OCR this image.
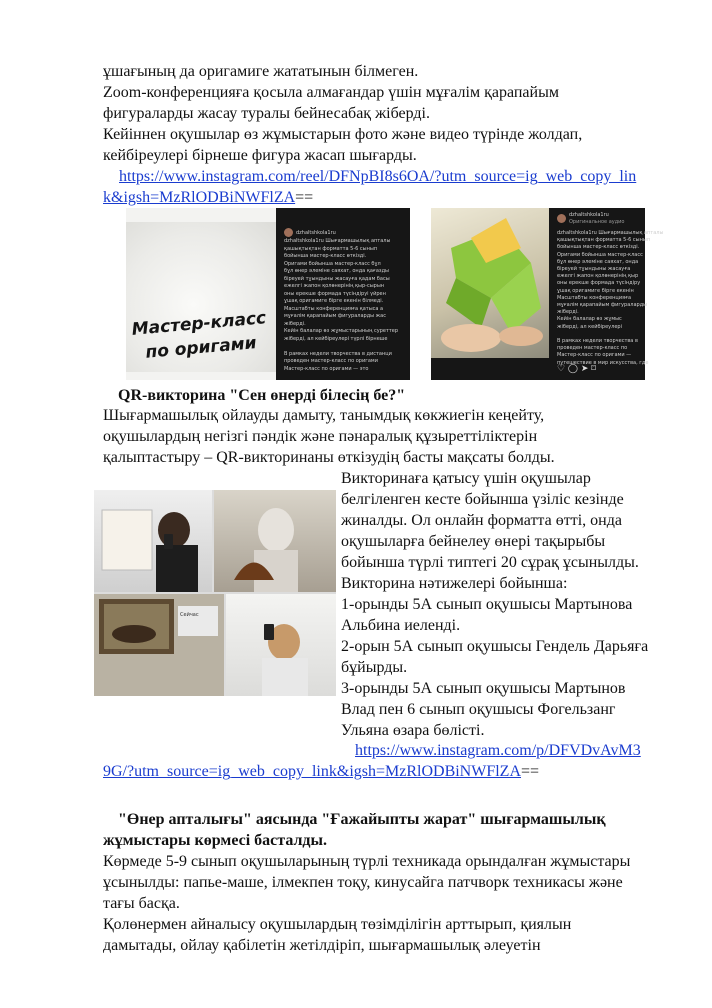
ұшағының да оригамиге жататынын білмеген.
Zoom-конференцияға қосыла алмағандар үшін мұғалім қарапайым
фигураларды жасау туралы бейнесабақ жіберді.
Кейіннен оқушылар өз жұмыстарын фото және видео түрінде жолдап,
кейбіреулері бірнеше фигура жасап шығарды.
https://www.instagram.com/reel/DFNpBI8s6OA/?utm_source=ig_web_copy_lin
k&igsh=MzRlODBiNWFlZA==
Мастер-класс по оригами
dzhaltshkola1ru
dzhaltshkola1ru Шығармашылық апталы
қашықтықтан форматта 5-6 сынып
бойынша мастер-класс өткізді.
Оригами бойынша мастер-класс бұл
бұл өнер әлеміне саяхат, онда қағазды
біреуей тұындыны жасауға қадам басы
ежелгі жапон қолөнерінің қыр-сырын
оны ерекше формада түсіндіруі үйрен
ұшақ оригамиге бірге екенін білмеді.
Масштабты конференцияға қатыса а
мұғалім қарапайым фигураларды жас
жіберді.
Кейін балалар өз жұмыстарының суреттер
жіберді, ал кейбіреулері түрлі бірнеше
В рамках недели творчества в дистанци
проведен мастер-класс по оригами
Мастер-класс по оригами — это
dzhaltshkola1ru
Оригинальное аудио
dzhaltshkola1ru Шығармашылық апталы
қашықтықтан форматта 5-6 сынып
бойынша мастер-класс өткізді.
Оригами бойынша мастер-класс
бұл өнер әлеміне саяхат, онда
біреуей тұындыны жасауға
ежелгі жапон қолөнерінің қыр
оны ерекше формада түсіндіру
ұшақ оригамиге бірге екенін
Масштабты конференцияға
мұғалім қарапайым фигураларды
жіберді.
Кейін балалар өз жұмыс
жіберді, ал кейбіреулері
В рамках недели творчества в
проведен мастер-класс по
Мастер-класс по оригами —
путешествие в мир искусства, где
♡ ◯ ➤ ⌑
QR-викторина "Сен өнерді білесің бе?"
Шығармашылық ойлауды дамыту, танымдық көкжиегін кеңейту,
оқушылардың негізгі пәндік және пәнаралық құзыреттіліктерін
қалыптастыру – QR-викторинаны өткізудің басты мақсаты болды.
Сейчас
Викторинаға қатысу үшін оқушылар
белгіленген кесте бойынша үзіліс кезінде
жиналды. Ол онлайн форматта өтті, онда
оқушыларға бейнелеу өнері тақырыбы
бойынша түрлі типтегі 20 сұрақ ұсынылды.
Викторина нәтижелері бойынша:
1-орынды 5А сынып оқушысы Мартынова
Альбина иеленді.
2-орын 5А сынып оқушысы Гендель Дарьяға
бұйырды.
3-орынды 5А сынып оқушысы Мартынов
Влад пен 6 сынып оқушысы Фогельзанг
Ульяна өзара бөлісті.
https://www.instagram.com/p/DFVDvAvM3
9G/?utm_source=ig_web_copy_link&igsh=MzRlODBiNWFlZA==
"Өнер апталығы" аясында "Ғажайыпты жарат" шығармашылық
жұмыстары көрмесі басталды.
Көрмеде 5-9 сынып оқушыларының түрлі техникада орындалған жұмыстары
ұсынылды: папье-маше, ілмекпен тоқу, кинусайга патчворк техникасы және
тағы басқа.
Қолөнермен айналысу оқушылардың төзімділігін арттырып, қиялын
дамытады, ойлау қабілетін жетілдіріп, шығармашылық әлеуетін
